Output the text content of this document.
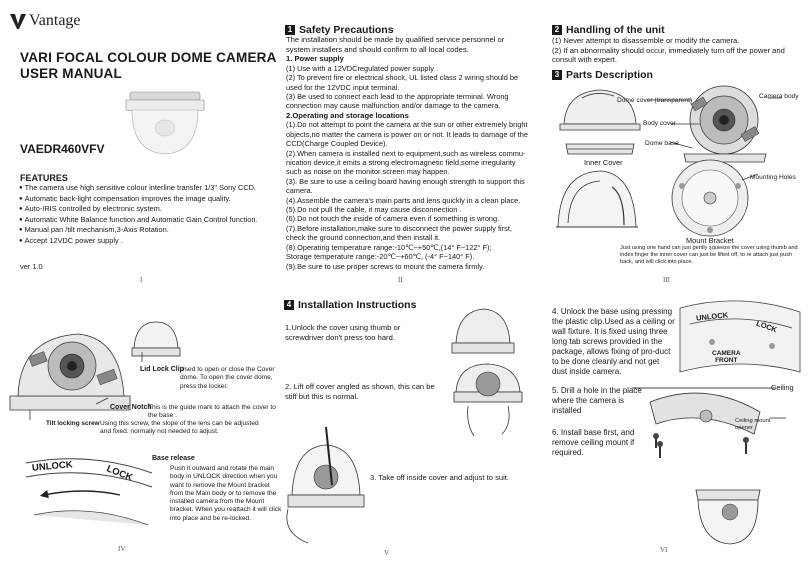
Vantage
VARI FOCAL COLOUR DOME CAMERA
USER MANUAL
VAEDR460VFV
FEATURES
● The camera use high sensitive colour interline transfer 1/3" Sony CCD.
● Automatic back-light compensation improves the image quality.
● Auto-IRIS controlled by electronic system.
● Automatic White Balance function and Automatic Gain Control function.
● Manual pan /tilt mechanism,3-Axis Rotation.
● Accept 12VDC power supply .
ver 1.0
I
1 Safety Precautions
The installation should be made by qualified service personnel or system installers and should confirm to all local codes.
1. Power supply
(1) Use with a 12VDCregulated power supply .
(2) To prevent fire or electrical shock, UL listed class 2 wiring should be used for the 12VDC input terminal.
(3) Be used to connect each lead to the appropriate terminal. Wrong connection may cause malfunction and/or damage to the camera.
2.Operating and storage locations
(1).Do not attempt to point the camera at the sun or other extremely bright objects,no matter the camera is power on or not. It leads to damage of the CCD(Charge Coupled Device).
(2).When camera is installed next to equipment,such as wireless commu-nication device,it emits a strong electromagnetic field,some irregularity such as noise on the monitor screen may happen.
(3). Be sure to use a ceiling board having enough strength to support this camera.
(4).Assemble the camera's main parts and lens quickly in a clean place.
(5).Do not pull the cable, it may cause disconnection .
(6).Do not touch the inside of camera even if something is wrong.
(7).Before installation,make sure to disconnect the power supply first, check the ground connection,and then install it.
(8).Operating temperature range:-10℃~+50℃,(14° F~122° F);
Storage temperature range:-20℃~+60℃, (-4° F~140° F).
(9).Be sure to use proper screws to mount the camera firmly.
II
2 Handling of the unit
(1) Never attempt to disassemble or modify the camera.
(2) If an abnormality should occur, immediately turn off the power and consult with expert.
3 Parts Description
Dome cover (transparent)
Camera body
Body cover
Dome base
Inner Cover
Mounting Holes
Mount Bracket
Just using one hand can just gently squeeze the cover using thumb and index finger the inner cover can just be lifted off, to re attach just push back, and will click into place.
III
Lid Lock Clip
Used to open or close the Cover dome. To open the cover dome, press the locker.
Cover Notch
This is the guide mark to attach the cover to the base .
Tilt locking screw Using this screw, the slope of the lens can be adjusted and fixed. normally not needed to adjust.
UNLOCK	LOCK
Base release
Push it outward and rotate the main body in UNLOCK direction when you want to remove the Mount bracket from the Main body or to remove the installed camera from the Mount bracket. When you reattach it will click into place and be re-locked.
IV
4 Installation Instructions
1.Unlock the cover using thumb or screwdriver don't press too hard.
2. Lift off cover angled as shown, this can be stiff but this is normal.
3. Take off inside cover and adjust to suit.
V

4. Unlock the base using pressing the plastic clip.Used as a ceiling or wall fixture. It is fixed using three long tab screws provided in the package, allows fixing of pro-duct to be done cleanly and not get dust inside camera.

5. Drill a hole in the place where the camera is installed
6. Install base first, and remove ceiling mount if required.
UNLOCK
LOCK
CAMERA
FRONT
Ceiling
Ceiling mount
opener
VI
